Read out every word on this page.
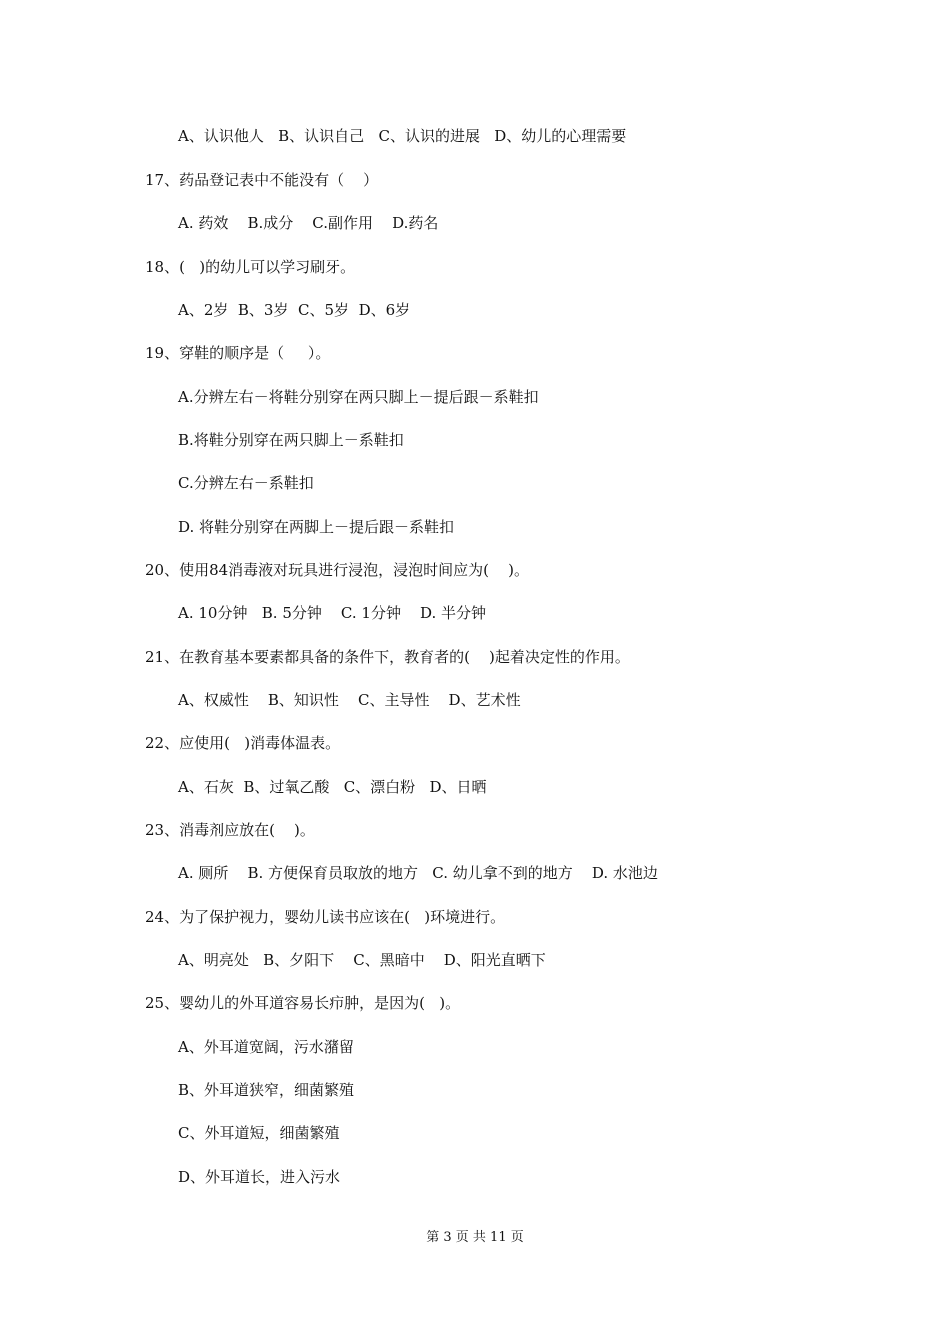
A、认识他人   B、认识自己   C、认识的进展   D、幼儿的心理需要
17、药品登记表中不能没有（    ）
A. 药效    B.成分    C.副作用    D.药名
18、(   )的幼儿可以学习刷牙。
A、2岁  B、3岁  C、5岁  D、6岁
19、穿鞋的顺序是（     ）。
A.分辨左右－将鞋分别穿在两只脚上－提后跟－系鞋扣
B.将鞋分别穿在两只脚上－系鞋扣
C.分辨左右－系鞋扣
D. 将鞋分别穿在两脚上－提后跟－系鞋扣
20、使用84消毒液对玩具进行浸泡，浸泡时间应为(    )。
A. 10分钟   B. 5分钟    C. 1分钟    D. 半分钟
21、在教育基本要素都具备的条件下，教育者的(    )起着决定性的作用。
A、权威性    B、知识性    C、主导性    D、艺术性
22、应使用(   )消毒体温表。
A、石灰  B、过氧乙酸   C、漂白粉   D、日晒
23、消毒剂应放在(    )。
A. 厕所    B. 方便保育员取放的地方   C. 幼儿拿不到的地方    D. 水池边
24、为了保护视力，婴幼儿读书应该在(   )环境进行。
A、明亮处   B、夕阳下    C、黑暗中    D、阳光直晒下
25、婴幼儿的外耳道容易长疖肿，是因为(   )。
A、外耳道宽阔，污水潴留
B、外耳道狭窄，细菌繁殖
C、外耳道短，细菌繁殖
D、外耳道长，进入污水
第 3 页 共 11 页
